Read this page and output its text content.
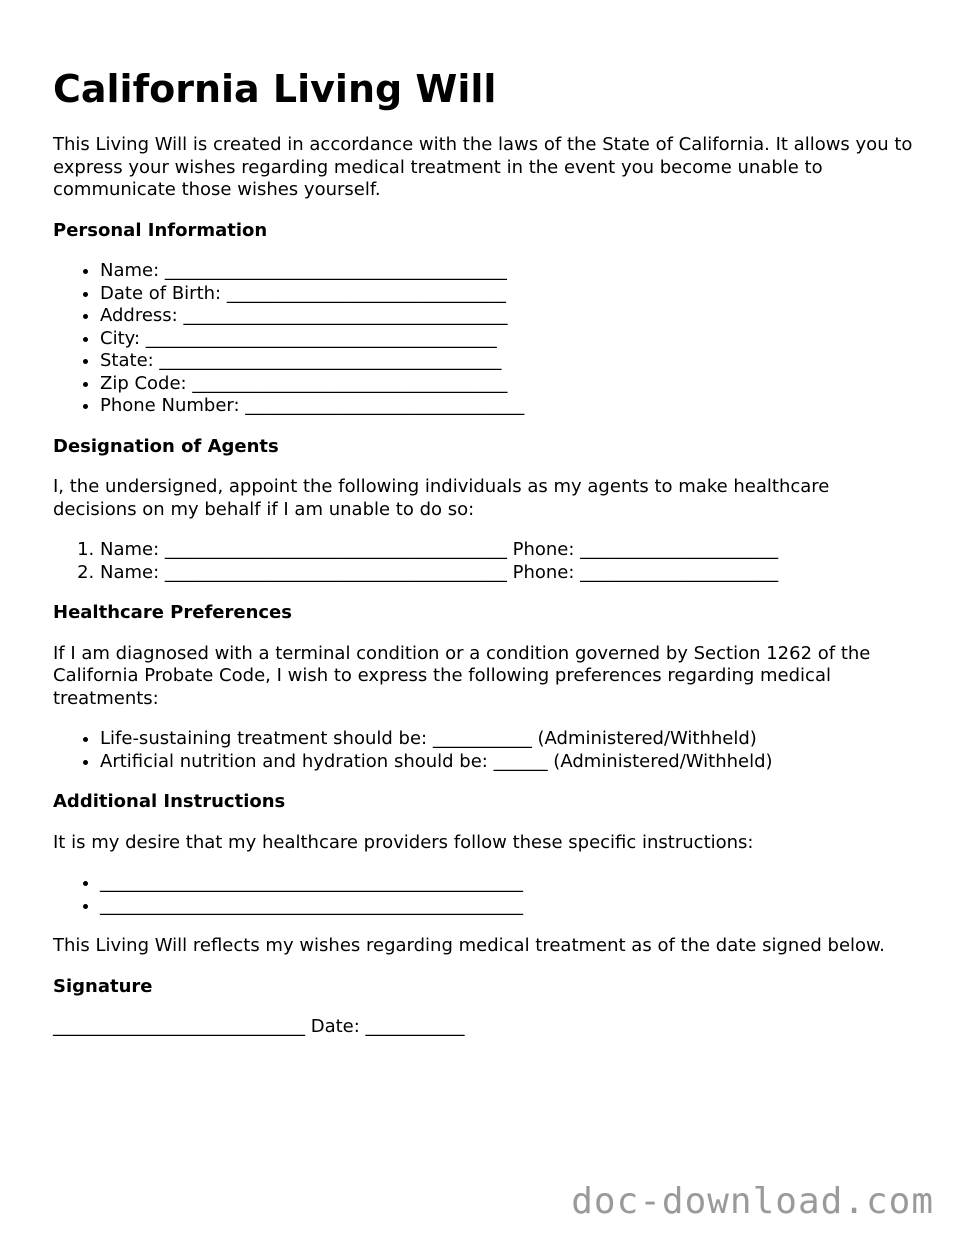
California Living Will

This Living Will is created in accordance with the laws of the State of California. It allows you to express your wishes regarding medical treatment in the event you become unable to communicate those wishes yourself.

Personal Information
• Name: ______________________________________
• Date of Birth: _______________________________
• Address: ____________________________________
• City: _______________________________________
• State: ______________________________________
• Zip Code: ___________________________________
• Phone Number: _______________________________
Designation of Agents

I, the undersigned, appoint the following individuals as my agents to make healthcare decisions on my behalf if I am unable to do so:

1. Name: ______________________________________ Phone: ______________________
2. Name: ______________________________________ Phone: ______________________
Healthcare Preferences

If I am diagnosed with a terminal condition or a condition governed by Section 1262 of the California Probate Code, I wish to express the following preferences regarding medical treatments:

• Life-sustaining treatment should be: ___________ (Administered/Withheld)
• Artificial nutrition and hydration should be: ______ (Administered/Withheld)
Additional Instructions

It is my desire that my healthcare providers follow these specific instructions:

• _______________________________________________
• _______________________________________________

This Living Will reflects my wishes regarding medical treatment as of the date signed below.

Signature

____________________________ Date: ___________

doc-download.com
